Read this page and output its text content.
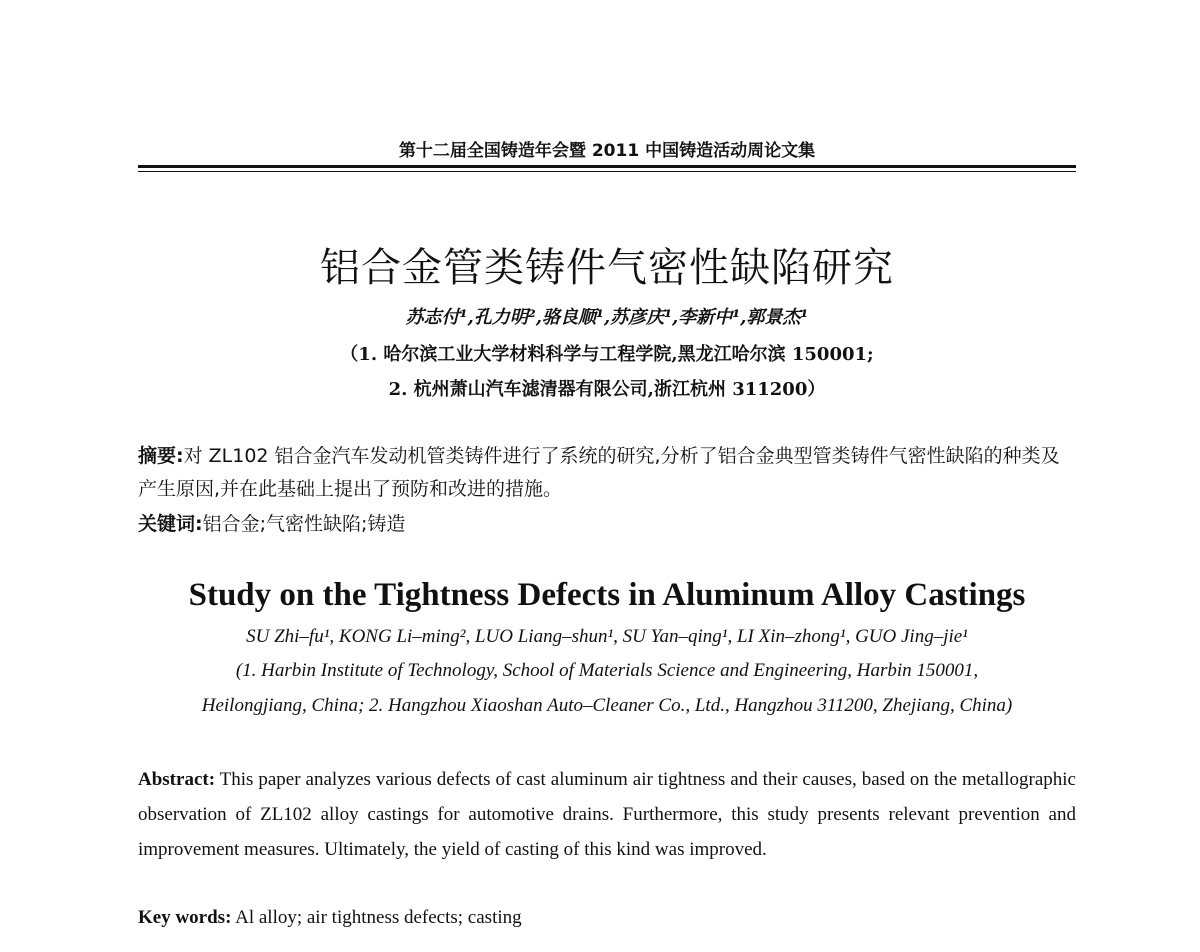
第十二届全国铸造年会暨 2011 中国铸造活动周论文集
铝合金管类铸件气密性缺陷研究
苏志付¹,孔力明²,骆良顺¹,苏彦庆¹,李新中¹,郭景杰¹
（1. 哈尔滨工业大学材料科学与工程学院,黑龙江哈尔滨 150001;
2. 杭州萧山汽车滤清器有限公司,浙江杭州 311200）
摘要:对 ZL102 铝合金汽车发动机管类铸件进行了系统的研究,分析了铝合金典型管类铸件气密性缺陷的种类及产生原因,并在此基础上提出了预防和改进的措施。
关键词:铝合金;气密性缺陷;铸造
Study on the Tightness Defects in Aluminum Alloy Castings
SU Zhi–fu¹, KONG Li–ming², LUO Liang–shun¹, SU Yan–qing¹, LI Xin–zhong¹, GUO Jing–jie¹
(1. Harbin Institute of Technology, School of Materials Science and Engineering, Harbin 150001,
Heilongjiang, China; 2. Hangzhou Xiaoshan Auto–Cleaner Co., Ltd., Hangzhou 311200, Zhejiang, China)
Abstract: This paper analyzes various defects of cast aluminum air tightness and their causes, based on the metallographic observation of ZL102 alloy castings for automotive drains. Furthermore, this study presents relevant prevention and improvement measures. Ultimately, the yield of casting of this kind was improved.
Key words: Al alloy; air tightness defects; casting
